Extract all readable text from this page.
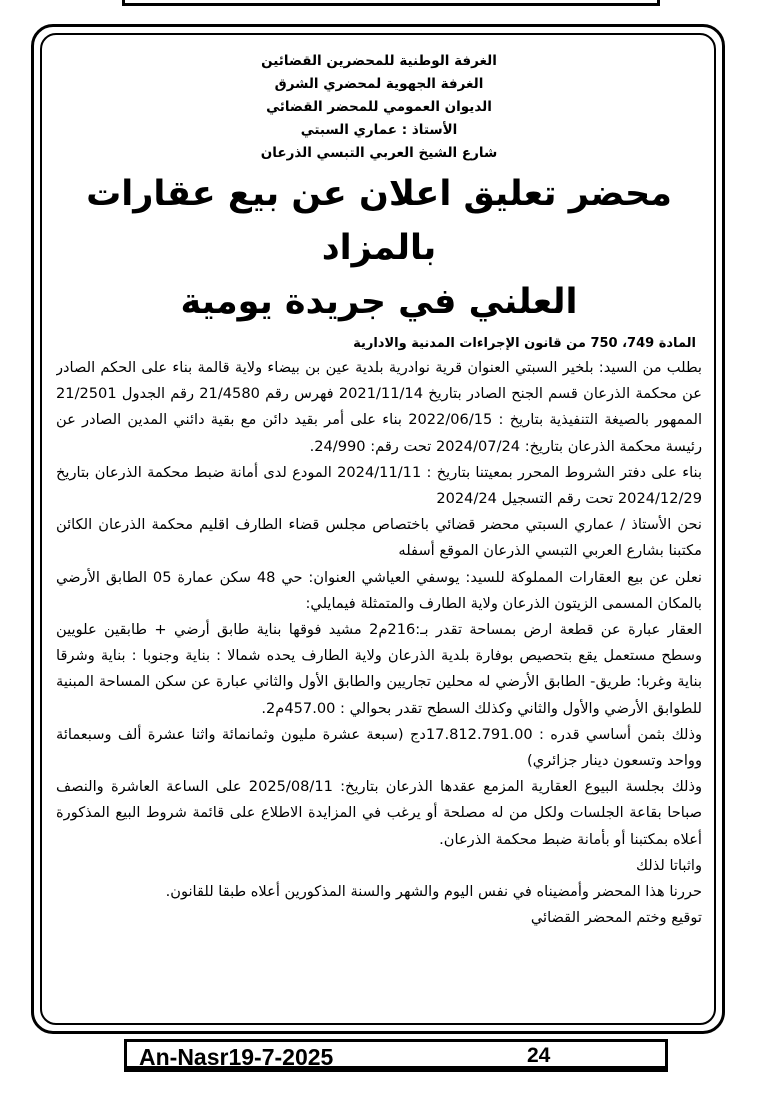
الغرفة الوطنية للمحضرين القضائين

الغرفة الجهوية لمحضري الشرق

الديوان العمومي للمحضر القضائي

الأستاذ : عماري السبتي

شارع الشيخ العربي التبسي الذرعان

محضر تعليق اعلان عن بيع عقارات بالمزاد
العلني في جريدة يومية

المادة 749، 750 من قانون الإجراءات المدنية والادارية

بطلب من السيد: بلخير السبتي العنوان قرية نوادرية بلدية عين بن بيضاء ولاية قالمة بناء على الحكم الصادر عن محكمة الذرعان قسم الجنح الصادر بتاريخ 2021/11/14 فهرس رقم 21/4580 رقم الجدول 21/2501 الممهور بالصيغة التنفيذية بتاريخ : 2022/06/15 بناء على أمر بقيد دائن مع بقية دائني المدين الصادر عن رئيسة محكمة الذرعان بتاريخ: 2024/07/24 تحت رقم: 24/990.

بناء على دفتر الشروط المحرر بمعيتنا بتاريخ : 2024/11/11 المودع لدى أمانة ضبط محكمة الذرعان بتاريخ 2024/12/29 تحت رقم التسجيل 2024/24

نحن الأستاذ / عماري السبتي محضر قضائي باختصاص مجلس قضاء الطارف اقليم محكمة الذرعان الكائن مكتبنا بشارع العربي التبسي الذرعان الموقع أسفله

نعلن عن بيع العقارات المملوكة للسيد: يوسفي العياشي العنوان: حي 48 سكن عمارة 05 الطابق الأرضي بالمكان المسمى الزيتون الذرعان ولاية الطارف والمتمثلة فيمايلي:

العقار عبارة عن قطعة ارض بمساحة تقدر بـ:216م2 مشيد فوقها بناية طابق أرضي + طابقين علويين وسطح مستعمل يقع بتحصيص بوفارة بلدية الذرعان ولاية الطارف يحده شمالا : بناية وجنوبا : بناية وشرقا بناية وغربا: طريق- الطابق الأرضي له محلين تجاريين والطابق الأول والثاني عبارة عن سكن المساحة المبنية للطوابق الأرضي والأول والثاني وكذلك السطح تقدر بحوالي : 457.00م2.

وذلك بثمن أساسي قدره : 17.812.791.00دج (سبعة عشرة مليون وثمانمائة واثنا عشرة ألف وسبعمائة وواحد وتسعون دينار جزائري)

وذلك بجلسة البيوع العقارية المزمع عقدها الذرعان بتاريخ: 2025/08/11 على الساعة العاشرة والنصف صباحا بقاعة الجلسات ولكل من له مصلحة أو يرغب في المزايدة الاطلاع على قائمة شروط البيع المذكورة أعلاه بمكتبنا أو بأمانة ضبط محكمة الذرعان.

واثباتا لذلك

حررنا هذا المحضر وأمضيناه في نفس اليوم والشهر والسنة المذكورين أعلاه طبقا للقانون.

توقيع وختم المحضر القضائي

An-Nasr19-7-2025	24
